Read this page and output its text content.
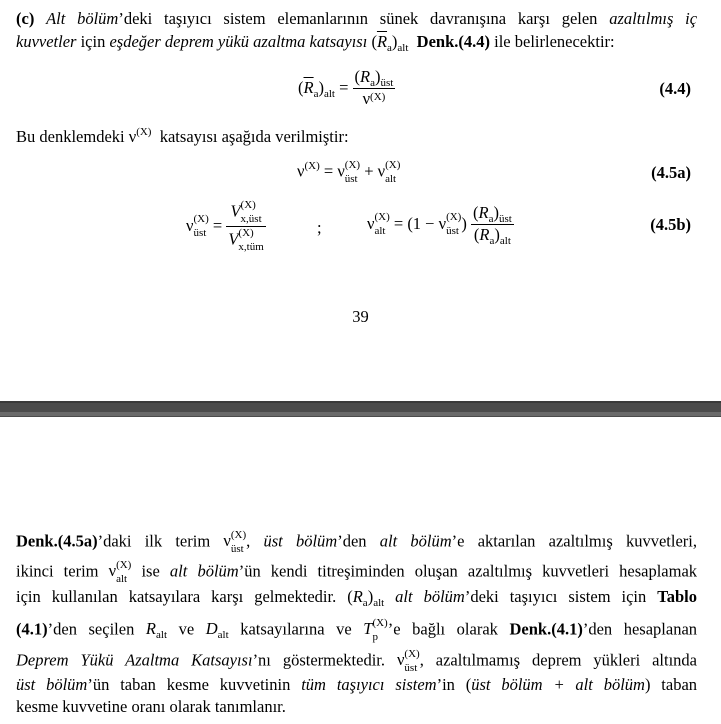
(c) Alt bölüm’deki taşıyıcı sistem elemanlarının sünek davranışına karşı gelen azaltılmış iç
kuvvetler için eşdeğer deprem yükü azaltma katsayısı $(\overline{R}_a)_{alt}$ Denk.(4.4) ile belirlenecektir:
$(\overline{R}_a)_{alt} = \frac{(R_a)_{üst}}{\nu^{(X)}}$	(4.4)
Bu denklemdeki $\nu^{(X)}$ katsayısı aşağıda verilmiştir:
$\nu^{(X)} = \nu$ (X)
üst + ν (X)
alt	(4.5a)
ν (X)
üst = V (X)
x,üst
V (X)
x,tüm	;	ν (X)
alt = (1 − ν (X)
üst ) $\frac{(R_a)_{üst}}{(R_a)_{alt}}$	(4.5b)
39
Denk.(4.5a)’daki ilk terim ν (X)
üst , üst bölüm’den alt bölüm’e aktarılan azaltılmış kuvvetleri,
ikinci terim ν (X)
alt ise alt bölüm’ün kendi titreşiminden oluşan azaltılmış kuvvetleri hesaplamak
için kullanılan katsayılara karşı gelmektedir. $(R_a)_{alt}$ alt bölüm’deki taşıyıcı sistem için Tablo
(4.1)’den seçilen $R_{alt}$ ve $D_{alt}$ katsayılarına ve T (X)
p ’e bağlı olarak Denk.(4.1)’den hesaplanan
Deprem Yükü Azaltma Katsayısı’nı göstermektedir. ν (X)
üst , azaltılmamış deprem yükleri altında
üst bölüm’ün taban kesme kuvvetinin tüm taşıyıcı sistem’in (üst bölüm + alt bölüm) taban
kesme kuvvetine oranı olarak tanımlanır.
